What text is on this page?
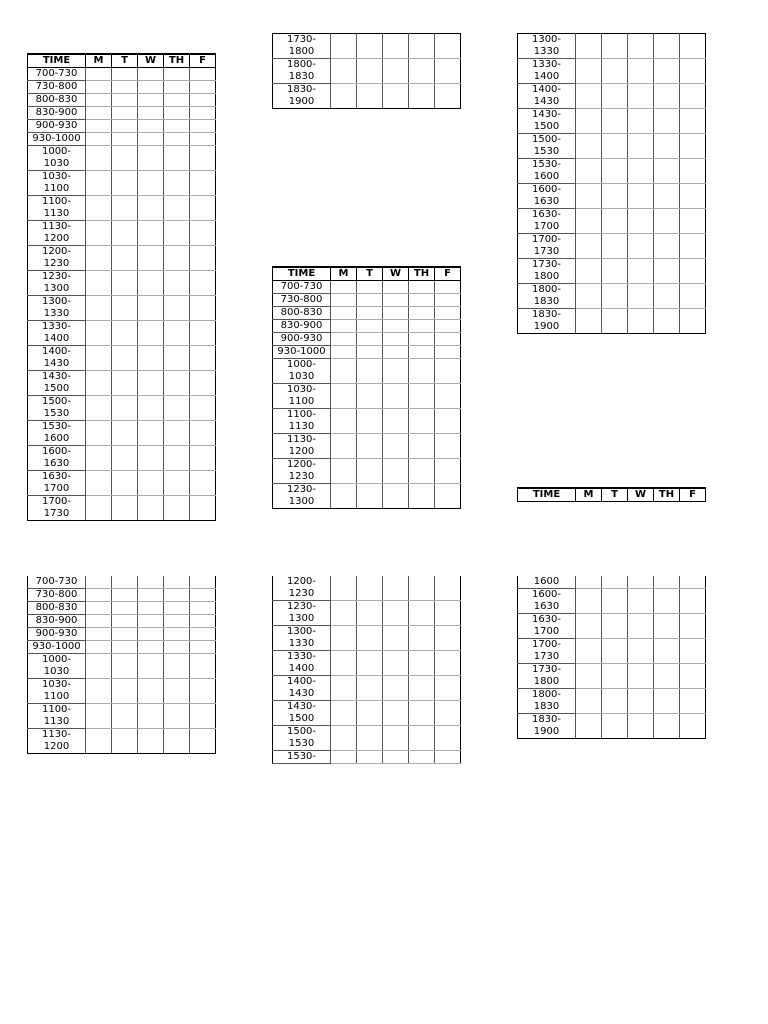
TIME	M	T	W	TH	F
700-730					
730-800					
800-830					
830-900					
900-930					
930-1000					
1000-
1030					
1030-
1100					
1100-
1130					
1130-
1200					
1200-
1230					
1230-
1300					
1300-
1330					
1330-
1400					
1400-
1430					
1430-
1500					
1500-
1530					
1530-
1600					
1600-
1630					
1630-
1700					
1700-
1730					
1730-
1800					
1800-
1830					
1830-
1900					
1300-
1330					
1330-
1400					
1400-
1430					
1430-
1500					
1500-
1530					
1530-
1600					
1600-
1630					
1630-
1700					
1700-
1730					
1730-
1800					
1800-
1830					
1830-
1900					
TIME	M	T	W	TH	F
700-730					
730-800					
800-830					
830-900					
900-930					
930-1000					
1000-
1030					
1030-
1100					
1100-
1130					
1130-
1200					
1200-
1230					
1230-
1300					
TIME	M	T	W	TH	F
700-730					
730-800					
800-830					
830-900					
900-930					
930-1000					
1000-
1030					
1030-
1100					
1100-
1130					
1130-
1200					
1200-
1230					
1230-
1300					
1300-
1330					
1330-
1400					
1400-
1430					
1430-
1500					
1500-
1530					
1530-					
1600					
1600-
1630					
1630-
1700					
1700-
1730					
1730-
1800					
1800-
1830					
1830-
1900					
